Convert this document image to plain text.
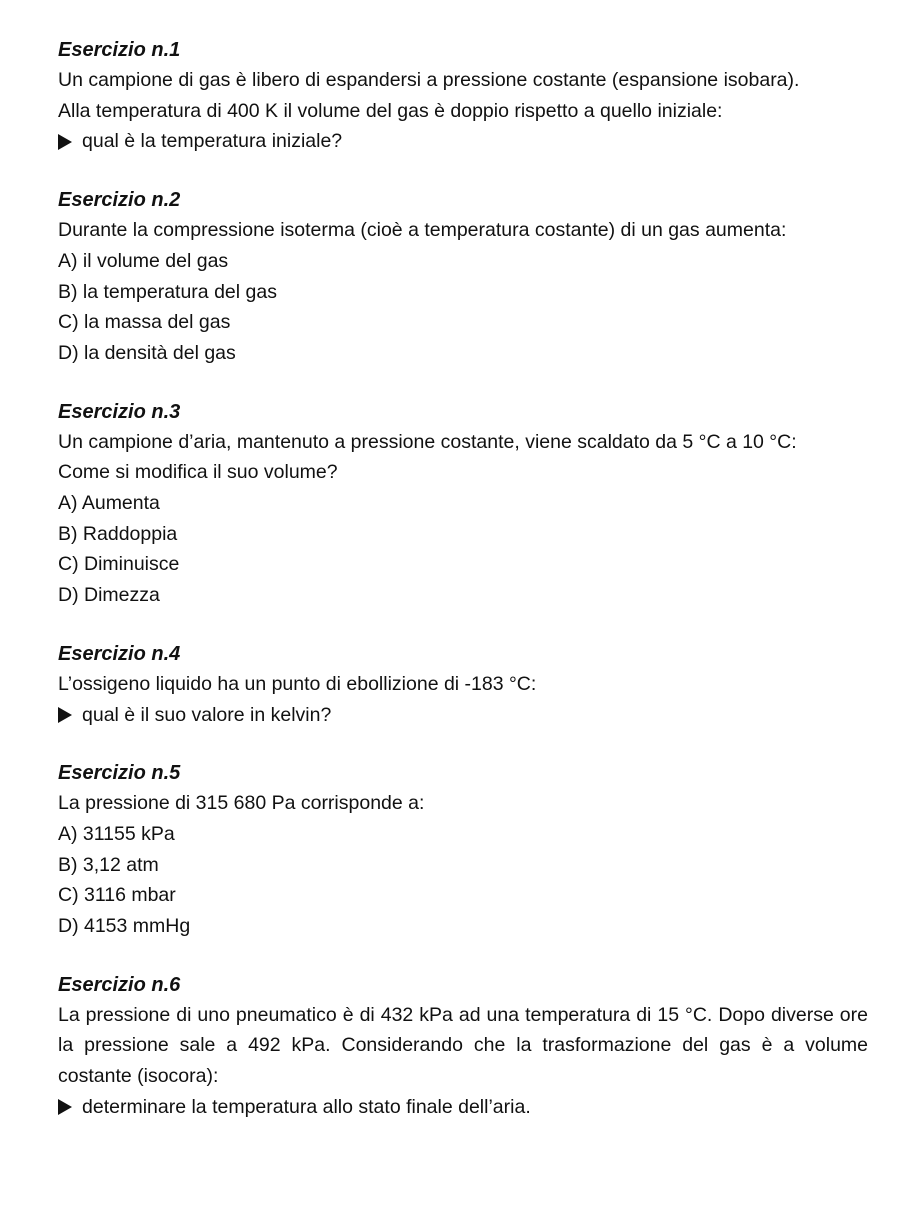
Esercizio n.1

Un campione di gas è libero di espandersi a pressione costante (espansione isobara).

Alla temperatura di 400 K il volume del gas è doppio rispetto a quello iniziale:

qual è la temperatura iniziale?

Esercizio n.2

Durante la compressione isoterma (cioè a temperatura costante) di un gas aumenta:

A) il volume del gas

B) la temperatura del gas

C) la massa del gas

D) la densità del gas

Esercizio n.3

Un campione d’aria, mantenuto a pressione costante, viene scaldato da 5 °C a 10 °C:

Come si modifica il suo volume?

A) Aumenta

B) Raddoppia

C) Diminuisce

D) Dimezza

Esercizio n.4

L’ossigeno liquido ha un punto di ebollizione di -183 °C:

qual è il suo valore in kelvin?

Esercizio n.5

La pressione di 315 680 Pa corrisponde a:

A) 31155 kPa

B) 3,12 atm

C) 3116 mbar

D) 4153 mmHg

Esercizio n.6

La pressione di uno pneumatico è di 432 kPa ad una temperatura di 15 °C. Dopo diverse ore la pressione sale a 492 kPa. Considerando che la trasformazione del gas è a volume costante (isocora):

determinare la temperatura allo stato finale dell’aria.
